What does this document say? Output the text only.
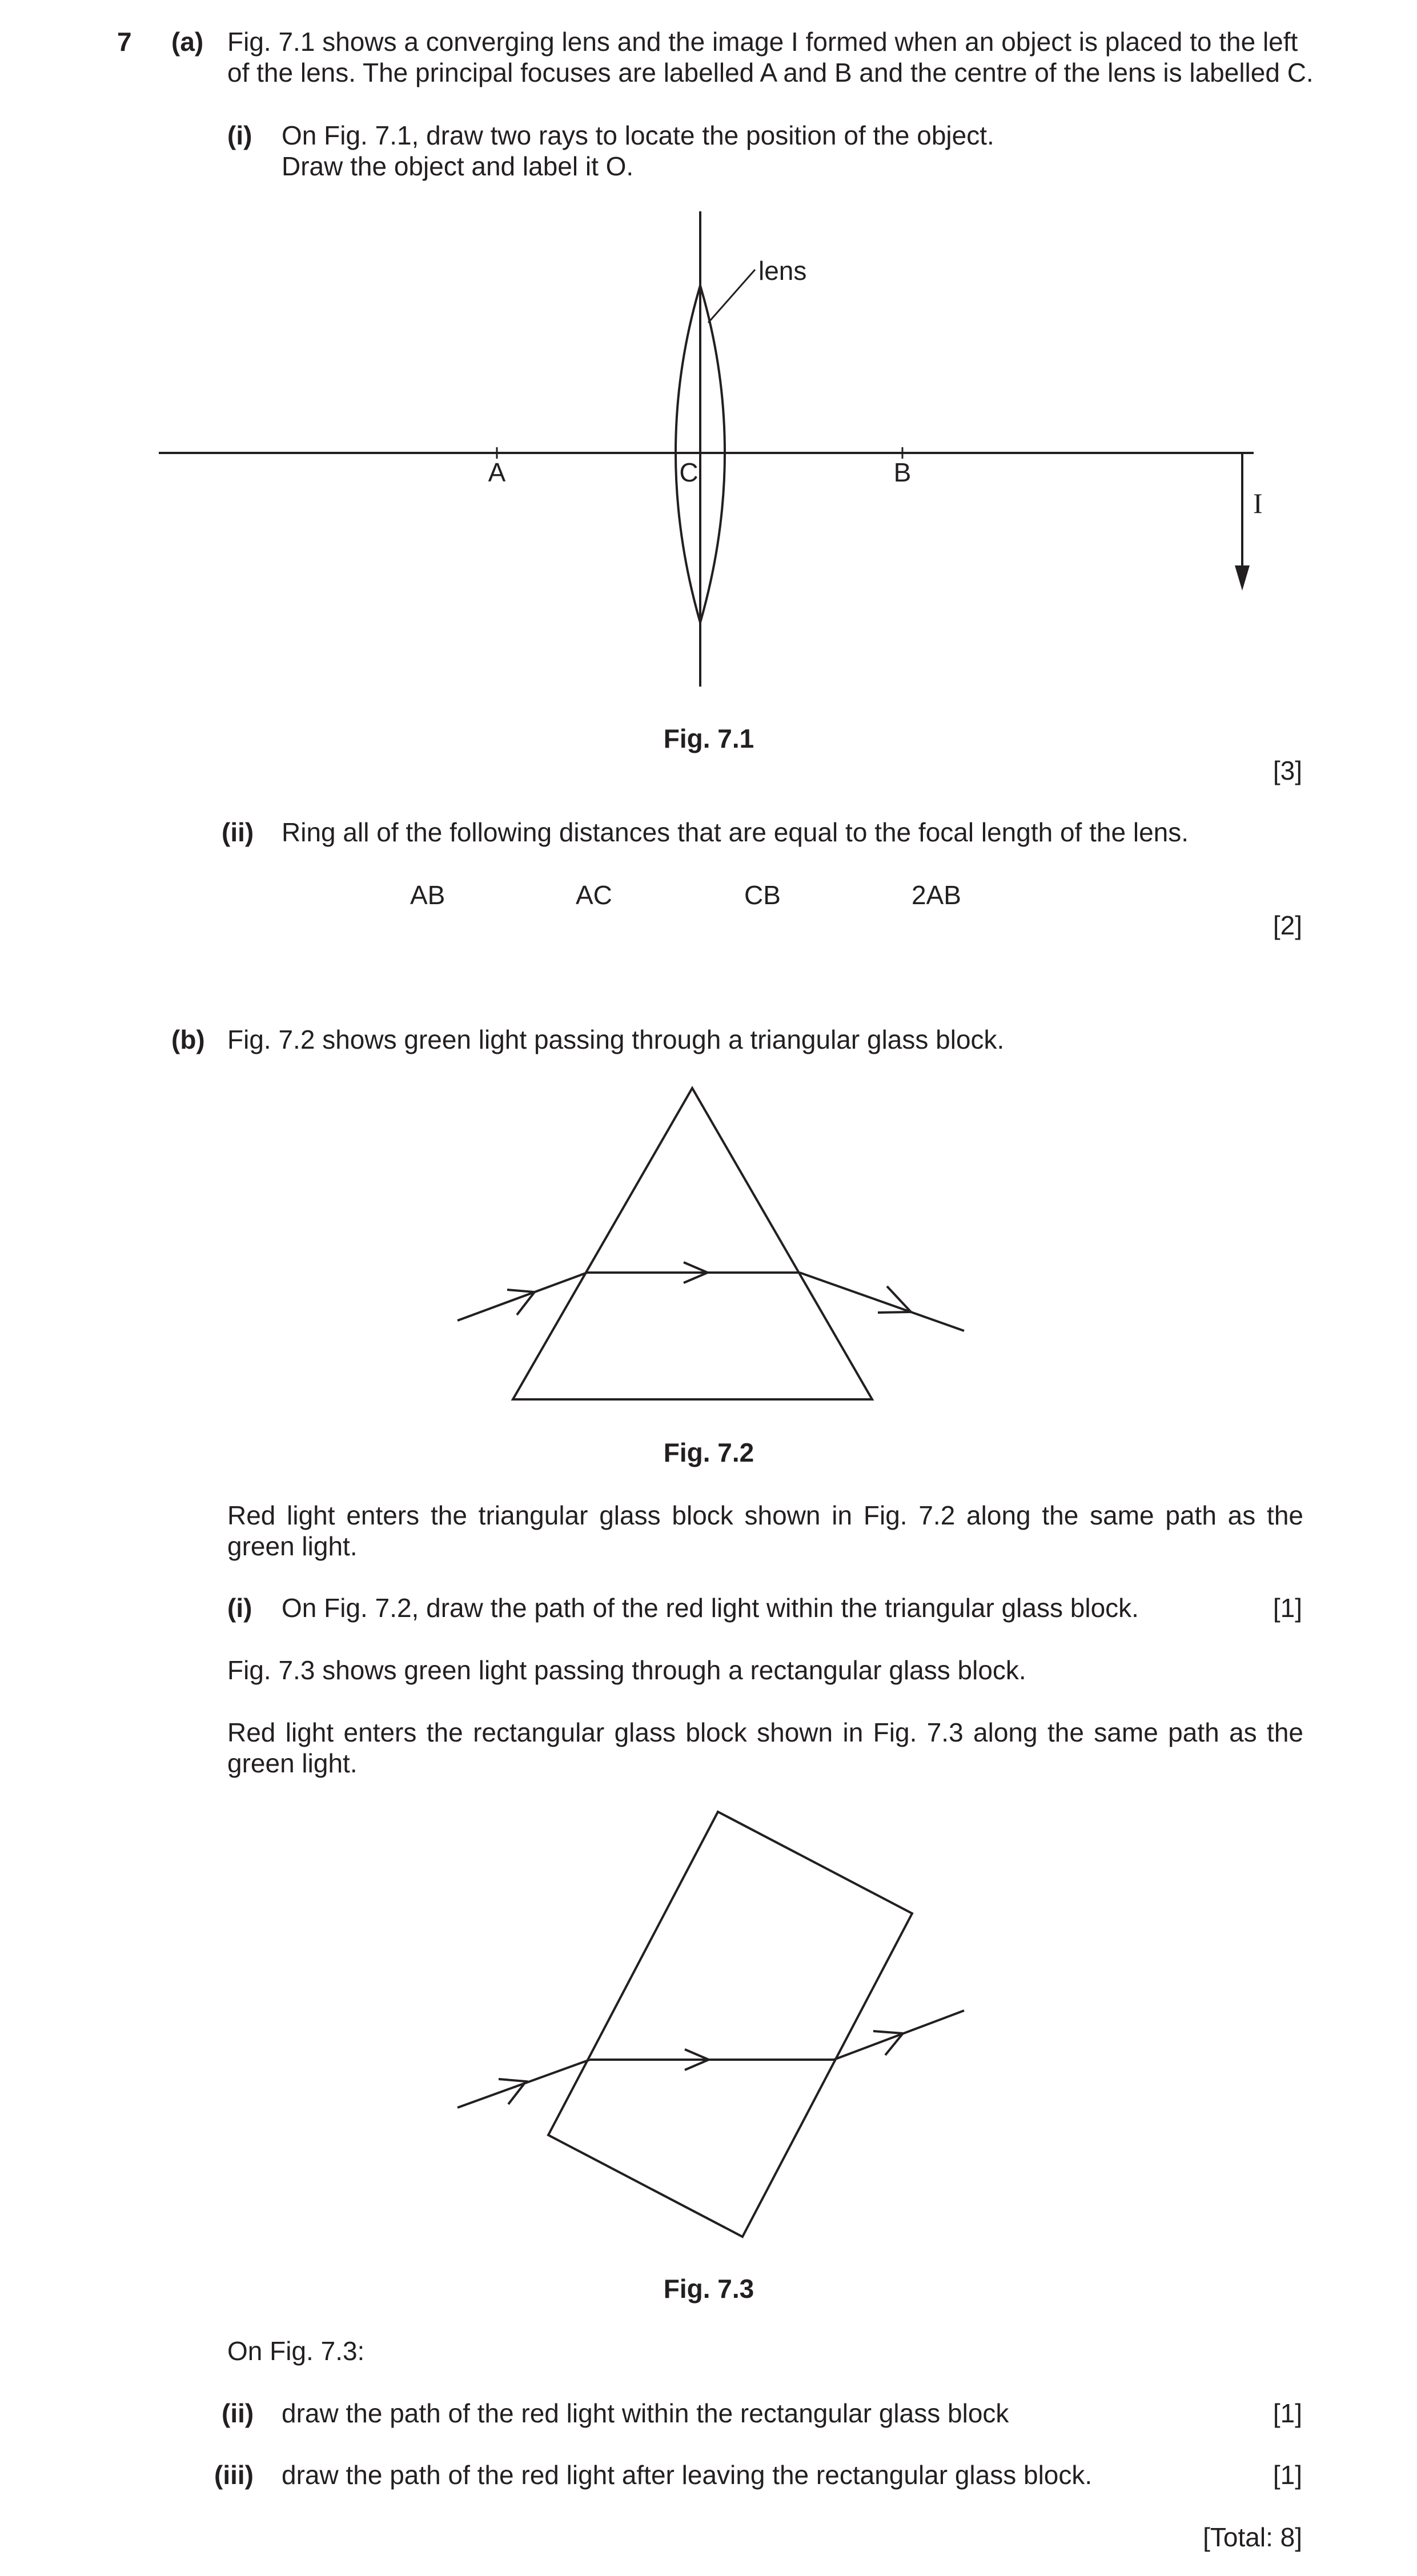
7 (a) Fig. 7.1 shows a converging lens and the image I formed when an object is placed to the left
of the lens. The principal focuses are labelled A and B and the centre of the lens is labelled C.
(i) On Fig. 7.1, draw two rays to locate the position of the object.
Draw the object and label it O.
lens
A	C	B
I
Fig. 7.1
[3]
(ii) Ring all of the following distances that are equal to the focal length of the lens.
AB	AC	CB	2AB
[2]
(b) Fig. 7.2 shows green light passing through a triangular glass block.
Fig. 7.2
Red light enters the triangular glass block shown in Fig. 7.2 along the same path as the green light.
(i) On Fig. 7.2, draw the path of the red light within the triangular glass block.	[1]
Fig. 7.3 shows green light passing through a rectangular glass block.
Red light enters the rectangular glass block shown in Fig. 7.3 along the same path as the green light.
Fig. 7.3
On Fig. 7.3:
(ii) draw the path of the red light within the rectangular glass block	[1]
(iii) draw the path of the red light after leaving the rectangular glass block.	[1]
[Total: 8]
